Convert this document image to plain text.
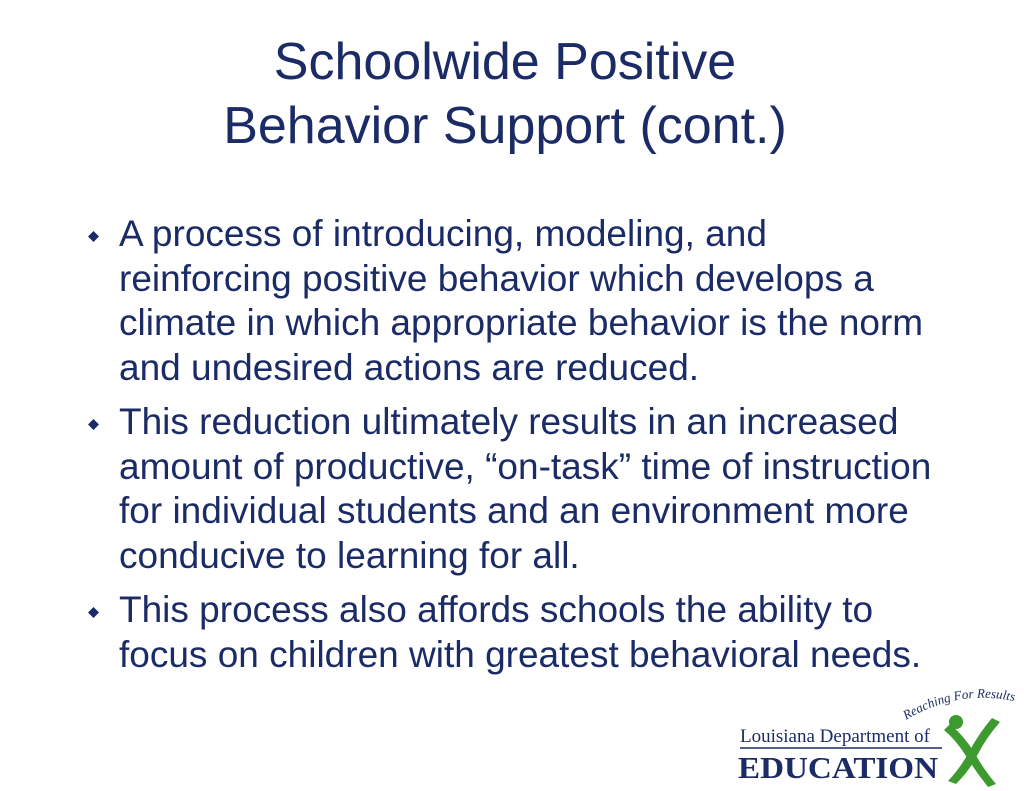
Schoolwide Positive
Behavior Support (cont.)
A process of introducing, modeling, and reinforcing positive behavior which develops a climate in which appropriate behavior is the norm and undesired actions are reduced.
This reduction ultimately results in an increased amount of productive, “on-task” time of instruction for individual students and an environment more conducive to learning for all.
This process also affords schools the ability to focus on children with greatest behavioral needs.
Reaching For Results
Louisiana Department of
EDUCATION
